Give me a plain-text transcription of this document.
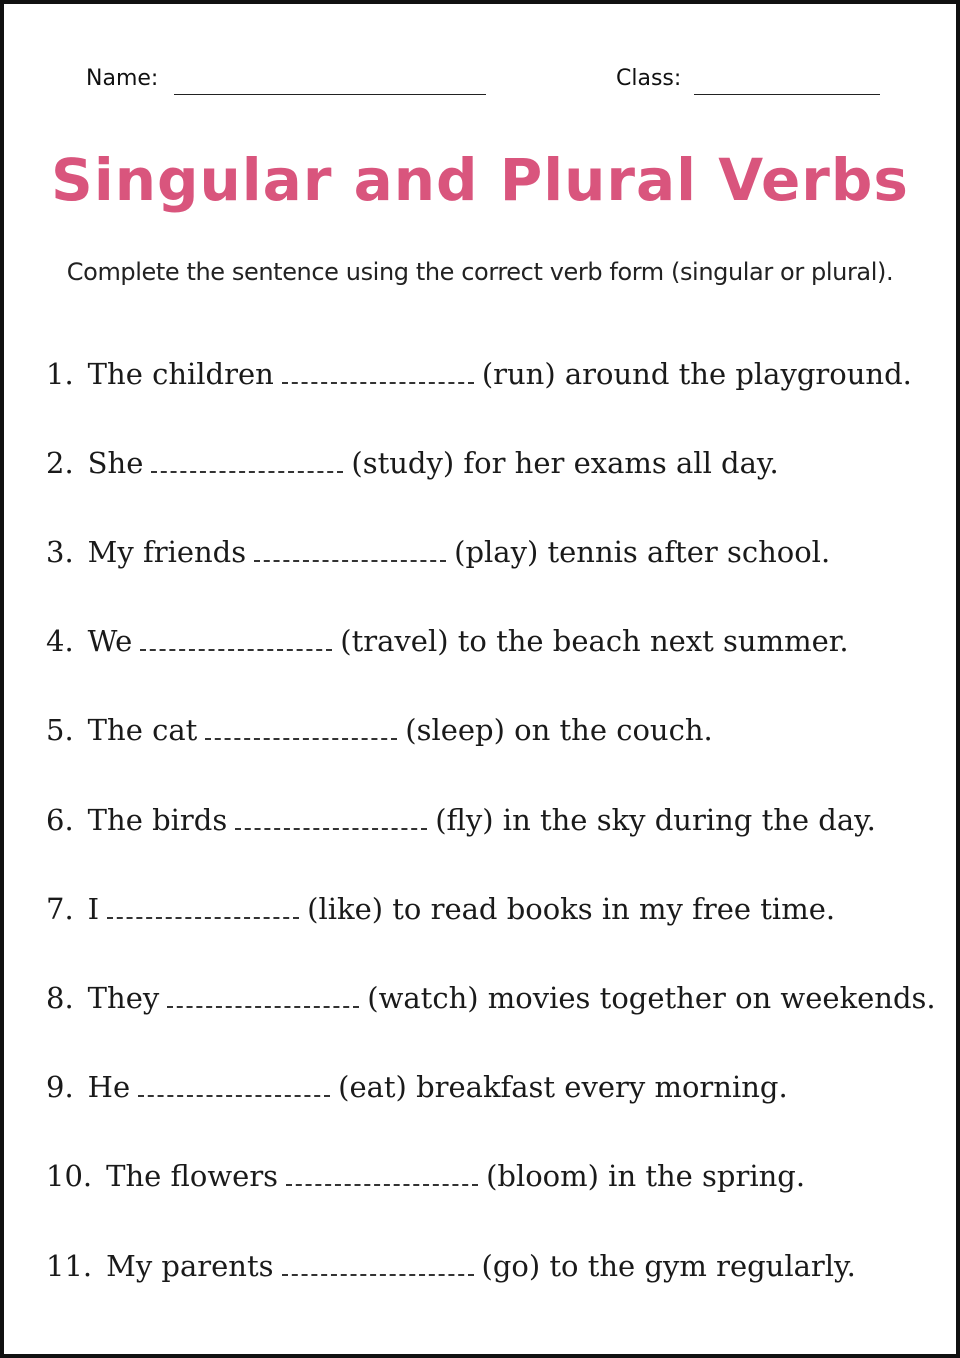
Name:	Class:
Singular and Plural Verbs
Complete the sentence using the correct verb form (singular or plural).
1. The children	(run) around the playground.
2. She	(study) for her exams all day.
3. My friends	(play) tennis after school.
4. We	(travel) to the beach next summer.
5. The cat	(sleep) on the couch.
6. The birds	(fly) in the sky during the day.
7. I	(like) to read books in my free time.
8. They	(watch) movies together on weekends.
9. He	(eat) breakfast every morning.
10. The flowers	(bloom) in the spring.
11. My parents	(go) to the gym regularly.
